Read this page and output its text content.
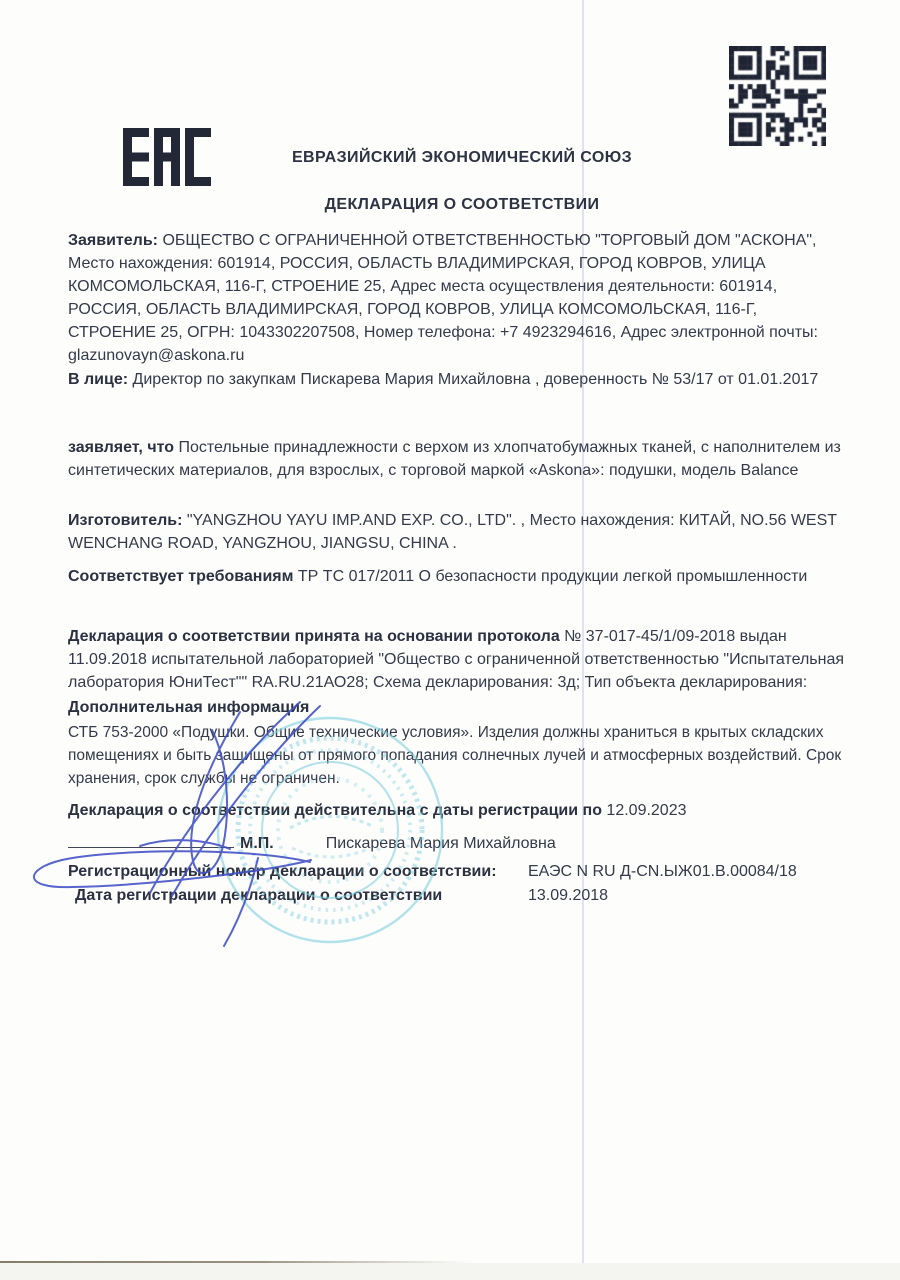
ЕВРАЗИЙСКИЙ ЭКОНОМИЧЕСКИЙ СОЮЗ
ДЕКЛАРАЦИЯ О СООТВЕТСТВИИ
Заявитель: ОБЩЕСТВО С ОГРАНИЧЕННОЙ ОТВЕТСТВЕННОСТЬЮ "ТОРГОВЫЙ ДОМ "АСКОНА", Место нахождения: 601914, РОССИЯ, ОБЛАСТЬ ВЛАДИМИРСКАЯ, ГОРОД КОВРОВ, УЛИЦА КОМСОМОЛЬСКАЯ, 116-Г, СТРОЕНИЕ 25, Адрес места осуществления деятельности: 601914, РОССИЯ, ОБЛАСТЬ ВЛАДИМИРСКАЯ, ГОРОД КОВРОВ, УЛИЦА КОМСОМОЛЬСКАЯ, 116-Г, СТРОЕНИЕ 25, ОГРН: 1043302207508, Номер телефона: +7 4923294616, Адрес электронной почты: glazunovayn@askona.ru
В лице: Директор по закупкам Пискарева Мария Михайловна , доверенность № 53/17 от 01.01.2017
заявляет, что Постельные принадлежности с верхом из хлопчатобумажных тканей, с наполнителем из синтетических материалов, для взрослых, с торговой маркой «Askona»: подушки, модель Balance
Изготовитель: "YANGZHOU YAYU IMP.AND EXP. CO., LTD". , Место нахождения: КИТАЙ, NO.56 WEST WENCHANG ROAD, YANGZHOU, JIANGSU, CHINA .
Соответствует требованиям ТР ТС 017/2011 О безопасности продукции легкой промышленности
Декларация о соответствии принята на основании протокола № 37-017-45/1/09-2018 выдан 11.09.2018 испытательной лабораторией "Общество с ограниченной ответственностью "Испытательная лаборатория ЮниТест"" RA.RU.21АО28; Схема декларирования: 3д; Тип объекта декларирования:
Дополнительная информация
СТБ 753-2000 «Подушки. Общие технические условия». Изделия должны храниться в крытых складских помещениях и быть защищены от прямого попадания солнечных лучей и атмосферных воздействий. Срок хранения, срок службы не ограничен.
Декларация о соответствии действительна с даты регистрации по 12.09.2023
М.П.	Пискарева Мария Михайловна
Регистрационный номер декларации о соответствии: ЕАЭС N RU Д-CN.ЫЖ01.В.00084/18
Дата регистрации декларации о соответствии	13.09.2018
